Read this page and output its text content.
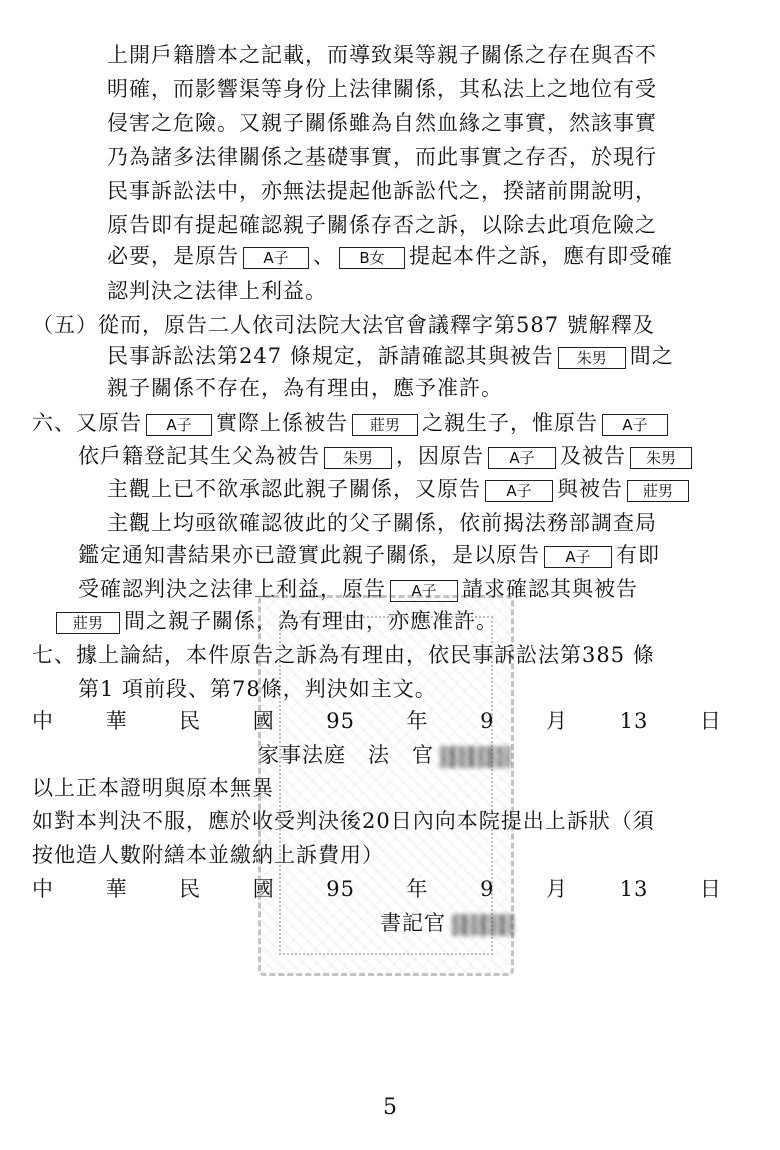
上開戶籍謄本之記載，而導致渠等親子關係之存在與否不
明確，而影響渠等身份上法律關係，其私法上之地位有受
侵害之危險。又親子關係雖為自然血緣之事實，然該事實
乃為諸多法律關係之基礎事實，而此事實之存否，於現行
民事訴訟法中，亦無法提起他訴訟代之，揆諸前開說明，
原告即有提起確認親子關係存否之訴，以除去此項危險之
必要，是原告 A子 、 B女 提起本件之訴，應有即受確
認判決之法律上利益。
（五）從而，原告二人依司法院大法官會議釋字第587 號解釋及
民事訴訟法第247 條規定，訴請確認其與被告 朱男 間之
親子關係不存在，為有理由，應予准許。
六、又原告 A子 實際上係被告 莊男 之親生子，惟原告 A子
依戶籍登記其生父為被告 朱男 ，因原告 A子 及被告 朱男
主觀上已不欲承認此親子關係，又原告 A子 與被告 莊男
主觀上均亟欲確認彼此的父子關係，依前揭法務部調查局
鑑定通知書結果亦已證實此親子關係，是以原告 A子 有即
受確認判決之法律上利益，原告 A子 請求確認其與被告
莊男 間之親子關係，為有理由，亦應准許。
七、據上論結，本件原告之訴為有理由，依民事訴訟法第385 條
第1 項前段、第78條，判決如主文。
中 華 民 國 95 年 9 月 13 日
家事法庭　法　官
以上正本證明與原本無異
如對本判決不服，應於收受判決後20日內向本院提出上訴狀（須
按他造人數附繕本並繳納上訴費用）
中 華 民 國 95 年 9 月 13 日
書記官
5
